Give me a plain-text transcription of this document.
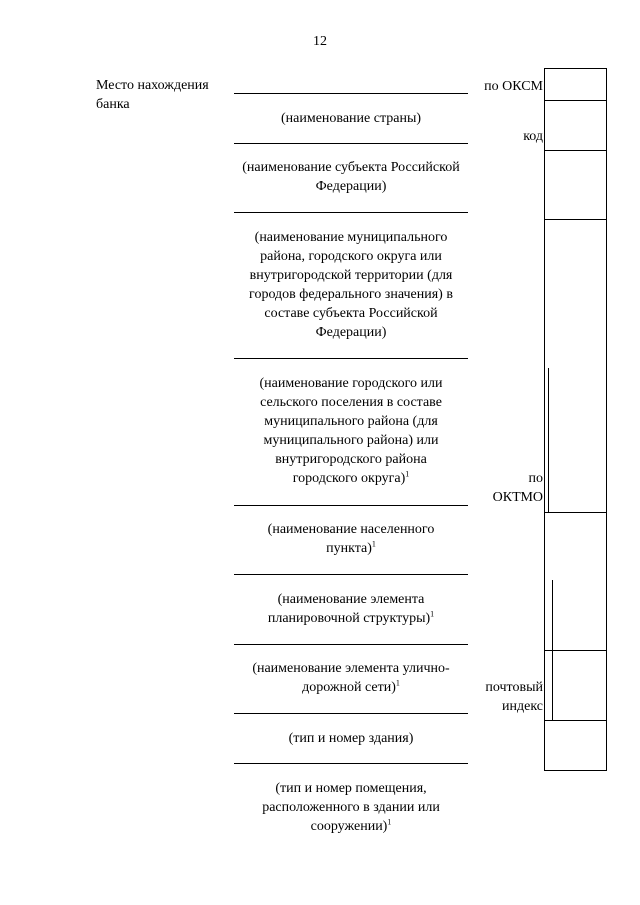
12
Место нахождения
банка
(наименование страны)
(наименование субъекта Российской
Федерации)
(наименование муниципального
района, городского округа или
внутригородской территории (для
городов федерального значения) в
составе субъекта Российской
Федерации)
(наименование городского или
сельского поселения в составе
муниципального района (для
муниципального района) или
внутригородского района
городского округа)$^1$
(наименование населенного
пункта)$^1$
(наименование элемента
планировочной структуры)$^1$
(наименование элемента улично-
дорожной сети)$^1$
(тип и номер здания)
(тип и номер помещения,
расположенного в здании или
сооружении)$^1$
по ОКСМ
код
по
ОКТМО
почтовый
индекс
